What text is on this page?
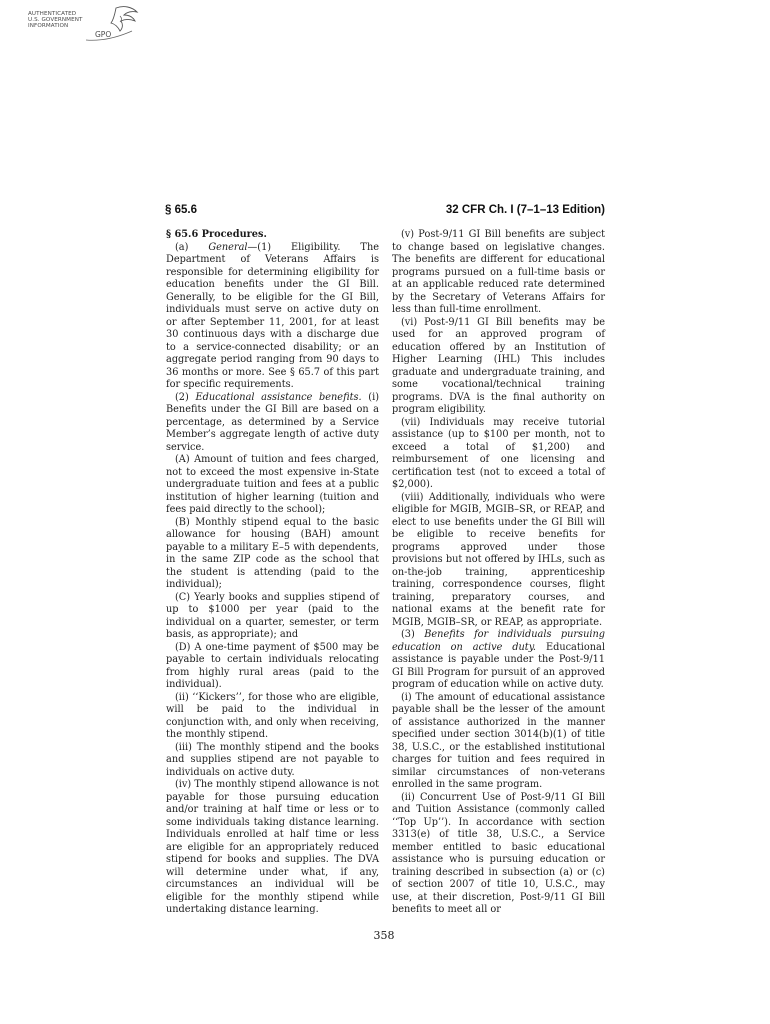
AUTHENTICATED
U.S. GOVERNMENT
INFORMATION
GPO
§ 65.6	32 CFR Ch. I (7–1–13 Edition)

§ 65.6 Procedures.

(a) General—(1) Eligibility. The Department of Veterans Affairs is responsible for determining eligibility for education benefits under the GI Bill. Generally, to be eligible for the GI Bill, individuals must serve on active duty on or after September 11, 2001, for at least 30 continuous days with a discharge due to a service-connected disability; or an aggregate period ranging from 90 days to 36 months or more. See § 65.7 of this part for specific requirements.

(2) Educational assistance benefits. (i) Benefits under the GI Bill are based on a percentage, as determined by a Service Member’s aggregate length of active duty service.

(A) Amount of tuition and fees charged, not to exceed the most expensive in-State undergraduate tuition and fees at a public institution of higher learning (tuition and fees paid directly to the school);

(B) Monthly stipend equal to the basic allowance for housing (BAH) amount payable to a military E–5 with dependents, in the same ZIP code as the school that the student is attending (paid to the individual);

(C) Yearly books and supplies stipend of up to $1000 per year (paid to the individual on a quarter, semester, or term basis, as appropriate); and

(D) A one-time payment of $500 may be payable to certain individuals relocating from highly rural areas (paid to the individual).

(ii) ‘‘Kickers’’, for those who are eligible, will be paid to the individual in conjunction with, and only when receiving, the monthly stipend.

(iii) The monthly stipend and the books and supplies stipend are not payable to individuals on active duty.

(iv) The monthly stipend allowance is not payable for those pursuing education and/or training at half time or less or to some individuals taking distance learning. Individuals enrolled at half time or less are eligible for an appropriately reduced stipend for books and supplies. The DVA will determine under what, if any, circumstances an individual will be eligible for the monthly stipend while undertaking distance learning.

(v) Post-9/11 GI Bill benefits are subject to change based on legislative changes. The benefits are different for educational programs pursued on a full-time basis or at an applicable reduced rate determined by the Secretary of Veterans Affairs for less than full-time enrollment.

(vi) Post-9/11 GI Bill benefits may be used for an approved program of education offered by an Institution of Higher Learning (IHL) This includes graduate and undergraduate training, and some vocational/technical training programs. DVA is the final authority on program eligibility.

(vii) Individuals may receive tutorial assistance (up to $100 per month, not to exceed a total of $1,200) and reimbursement of one licensing and certification test (not to exceed a total of $2,000).

(viii) Additionally, individuals who were eligible for MGIB, MGIB–SR, or REAP, and elect to use benefits under the GI Bill will be eligible to receive benefits for programs approved under those provisions but not offered by IHLs, such as on-the-job training, apprenticeship training, correspondence courses, flight training, preparatory courses, and national exams at the benefit rate for MGIB, MGIB–SR, or REAP, as appropriate.

(3) Benefits for individuals pursuing education on active duty. Educational assistance is payable under the Post-9/11 GI Bill Program for pursuit of an approved program of education while on active duty.

(i) The amount of educational assistance payable shall be the lesser of the amount of assistance authorized in the manner specified under section 3014(b)(1) of title 38, U.S.C., or the established institutional charges for tuition and fees required in similar circumstances of non-veterans enrolled in the same program.

(ii) Concurrent Use of Post-9/11 GI Bill and Tuition Assistance (commonly called ‘‘Top Up’’). In accordance with section 3313(e) of title 38, U.S.C., a Service member entitled to basic educational assistance who is pursuing education or training described in subsection (a) or (c) of section 2007 of title 10, U.S.C., may use, at their discretion, Post-9/11 GI Bill benefits to meet all or

358
